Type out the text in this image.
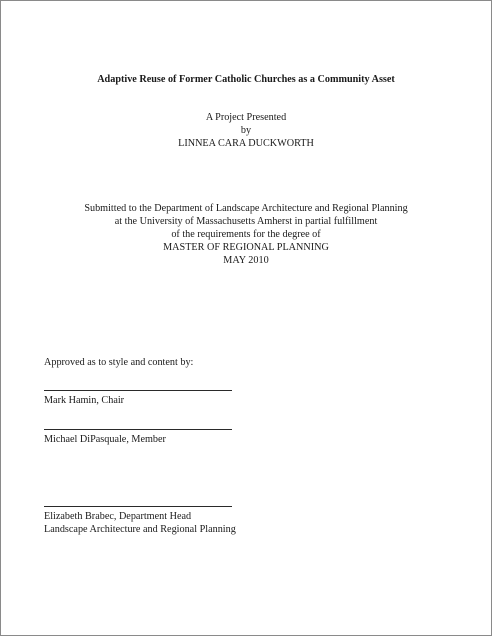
Adaptive Reuse of Former Catholic Churches as a Community Asset
A Project Presented
by
LINNEA CARA DUCKWORTH
Submitted to the Department of Landscape Architecture and Regional Planning
at the University of Massachusetts Amherst in partial fulfillment
of the requirements for the degree of
MASTER OF REGIONAL PLANNING
MAY 2010
Approved as to style and content by:
Mark Hamin, Chair
Michael DiPasquale, Member
Elizabeth Brabec, Department Head
Landscape Architecture and Regional Planning
